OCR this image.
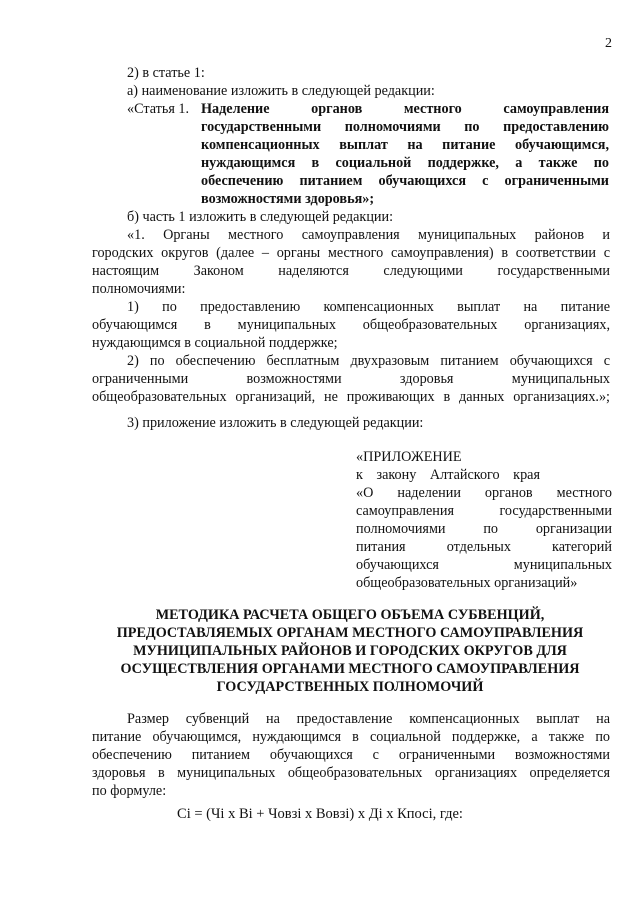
2
2) в статье 1:
а) наименование изложить в следующей редакции:
«Статья 1. Наделение органов местного самоуправления
государственными полномочиями по предоставлению
компенсационных выплат на питание обучающимся,
нуждающимся в социальной поддержке, а также по
обеспечению питанием обучающихся с ограниченными
возможностями здоровья»;
б) часть 1 изложить в следующей редакции:
«1. Органы местного самоуправления муниципальных районов и
городских округов (далее – органы местного самоуправления) в соответствии с
настоящим Законом наделяются следующими государственными
полномочиями:
1) по предоставлению компенсационных выплат на питание
обучающимся в муниципальных общеобразовательных организациях,
нуждающимся в социальной поддержке;
2) по обеспечению бесплатным двухразовым питанием обучающихся с
ограниченными возможностями здоровья муниципальных
общеобразовательных организаций, не проживающих в данных организациях.»;
3) приложение изложить в следующей редакции:
«ПРИЛОЖЕНИЕ
к закону Алтайского края
«О наделении органов местного
самоуправления государственными
полномочиями по организации
питания отдельных категорий
обучающихся муниципальных
общеобразовательных организаций»
МЕТОДИКА РАСЧЕТА ОБЩЕГО ОБЪЕМА СУБВЕНЦИЙ,
ПРЕДОСТАВЛЯЕМЫХ ОРГАНАМ МЕСТНОГО САМОУПРАВЛЕНИЯ
МУНИЦИПАЛЬНЫХ РАЙОНОВ И ГОРОДСКИХ ОКРУГОВ ДЛЯ
ОСУЩЕСТВЛЕНИЯ ОРГАНАМИ МЕСТНОГО САМОУПРАВЛЕНИЯ
ГОСУДАРСТВЕННЫХ ПОЛНОМОЧИЙ
Размер субвенций на предоставление компенсационных выплат на
питание обучающимся, нуждающимся в социальной поддержке, а также по
обеспечению питанием обучающихся с ограниченными возможностями
здоровья в муниципальных общеобразовательных организациях определяется
по формуле:
Сi = (Чi x Вi + Човзi x Вовзi) x Дi x Кпосi, где:
